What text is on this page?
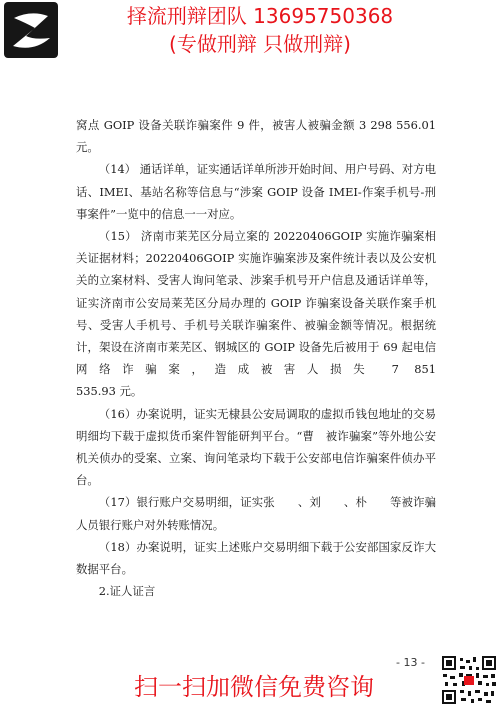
择流刑辩团队 13695750368
(专做刑辩 只做刑辩)

窝点 GOIP 设备关联诈骗案件 9 件，被害人被骗金额 3 298 556.01

元。

（14） 通话详单，证实通话详单所涉开始时间、用户号码、对方电话、IMEI、基站名称等信息与“涉案 GOIP 设备 IMEI-作案手机号-刑事案件”一览中的信息一一对应。

（15） 济南市莱芜区分局立案的 20220406GOIP 实施诈骗案相关证据材料；20220406GOIP 实施诈骗案涉及案件统计表以及公安机关的立案材料、受害人询问笔录、涉案手机号开户信息及通话详单等，证实济南市公安局莱芜区分局办理的 GOIP 诈骗案设备关联作案手机号、受害人手机号、手机号关联诈骗案件、被骗金额等情况。根据统计，架设在济南市莱芜区、钢城区的 GOIP 设备先后被用于 69 起电信网络诈骗案，造成被害人损失 7 851

535.93 元。

（16）办案说明，证实无棣县公安局调取的虚拟币钱包地址的交易明细均下载于虚拟货币案件智能研判平台。“曹　被诈骗案”等外地公安机关侦办的受案、立案、询问笔录均下载于公安部电信诈骗案件侦办平台。

（17）银行账户交易明细，证实张　　、刘　　、朴　　等被诈骗人员银行账户对外转账情况。

（18）办案说明，证实上述账户交易明细下载于公安部国家反诈大数据平台。

2.证人证言

- 13 -
扫一扫加微信免费咨询
